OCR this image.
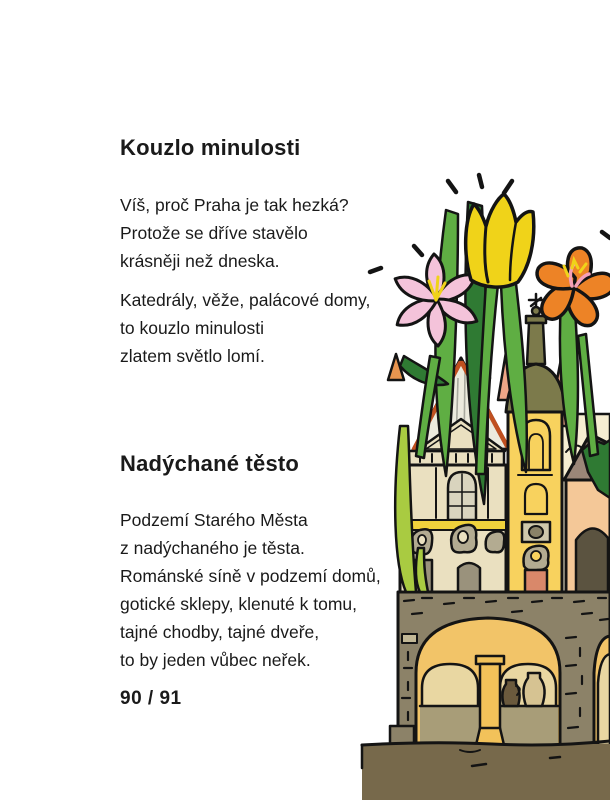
Kouzlo minulosti

Víš, proč Praha je tak hezká?
Protože se dříve stavělo
krásněji než dneska.

Katedrály, věže, palácové domy,
to kouzlo minulosti
zlatem světlo lomí.

Nadýchané těsto

Podzemí Starého Města
z nadýchaného je těsta.
Románské síně v podzemí domů,
gotické sklepy, klenuté k tomu,
tajné chodby, tajné dveře,
to by jeden vůbec neřek.

90 / 91
